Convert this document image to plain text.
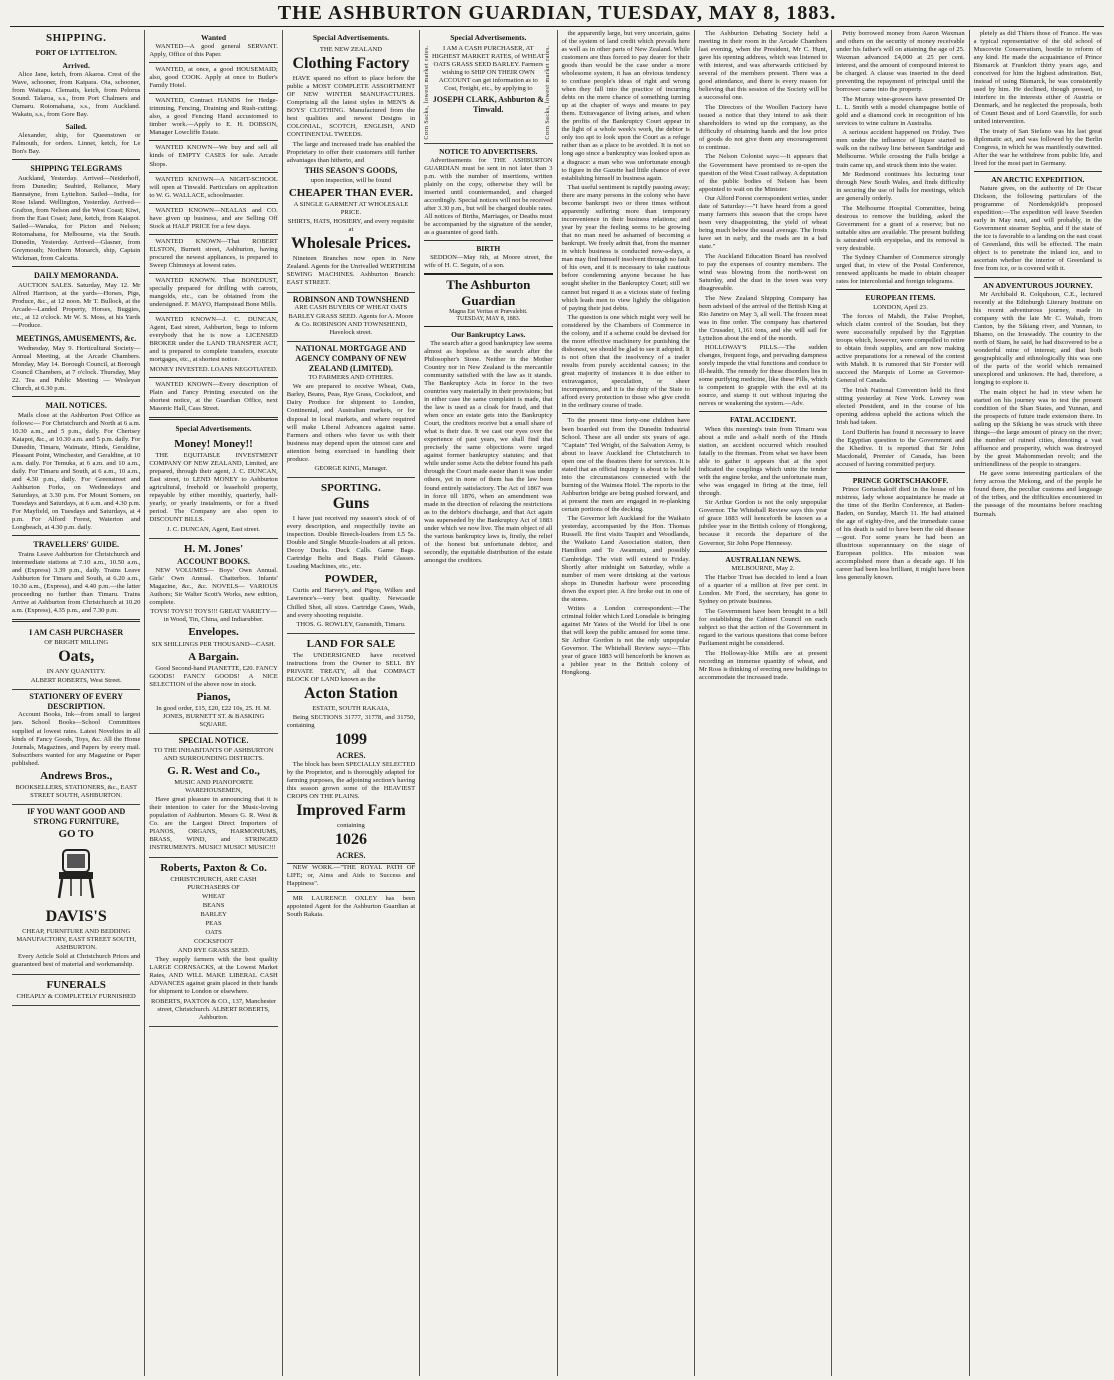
THE ASHBURTON GUARDIAN, TUESDAY, MAY 8, 1883.
SHIPPING.
PORT OF LYTTELTON.
Arrived.

Alice Jane, ketch, from Akaroa. Crest of the Wave, schooner, from Kaipara. Ota, schooner, from Waitapu. Clematis, ketch, from Pelorus Sound. Talaroa, s.s., from Port Chalmers and Oamaru. Rotomahana, s.s., from Auckland. Wakatu, s.s., from Gore Bay.

Sailed.

Alexander, ship, for Queenstown or Falmouth, for orders. Linnet, ketch, for Le Bon's Bay.

SHIPPING TELEGRAMS

Auckland, Yesterday. Arrived—Neiderhoff, from Dunedin; Seabird, Reliance, Mary Bannatyne, from Lyttelton. Sailed—India, for Rose Island. Wellington, Yesterday. Arrived—Grafton, from Nelson and the West Coast; Kiwi, from the East Coast; Jane, ketch, from Kaiapoi. Sailed—Wanaka, for Picton and Nelson; Rotomahana, for Melbourne, via the South. Dunedin, Yesterday. Arrived—Glasner, from Greymouth; Northern Monarch, ship, Captain Wickman, from Calcutta.

DAILY MEMORANDA.

AUCTION SALES. Saturday, May 12. Mr Alfred Harrison, at the yards—Horses, Pigs, Produce, &c., at 12 noon. Mr T. Bullock, at the Arcade—Landed Property, Horses, Buggies, etc., at 12 o'clock. Mr W. S. Moss, at his Yards—Produce.

MEETINGS, AMUSEMENTS, &c.

Wednesday, May 9. Horticultural Society—Annual Meeting, at the Arcade Chambers. Monday, May 14. Borough Council, at Borough Council Chambers, at 7 o'clock. Thursday, May 22. Tea and Public Meeting — Wesleyan Church, at 6.30 p.m.

MAIL NOTICES.

Mails close at the Ashburton Post Office as follows:— For Christchurch and North at 6 a.m. 10.30 a.m., and 5 p.m., daily. For Chertsey Kaiapoi, &c., at 10.30 a.m. and 5 p.m. daily. For Dunedin, Timaru, Waimate, Hinds, Geraldine, Pleasant Point, Winchester, and Geraldine, at 10 a.m. daily. For Temuka, at 6 a.m. and 10 a.m., daily. For Timaru and South, at 6 a.m., 10 a.m., and 4.30 p.m., daily. For Greenstreet and Ashburton Forks, on Wednesdays and Saturdays, at 3.30 p.m. For Mount Somers, on Tuesdays and Saturdays, at 6 a.m. and 4.30 p.m. For Mayfield, on Tuesdays and Saturdays, at 4 p.m. For Alford Forest, Waterton and Longbeach, at 4.30 p.m. daily.

TRAVELLERS' GUIDE.

Trains Leave Ashburton for Christchurch and intermediate stations at 7.10 a.m., 10.50 a.m., and (Express) 3.39 p.m., daily. Trains Leave Ashburton for Timaru and South, at 6.20 a.m., 10.30 a.m., (Express), and 4.40 p.m.—the latter proceeding no further than Timaru. Trains Arrive at Ashburton from Christchurch at 10.20 a.m. (Express), 4.35 p.m., and 7.30 p.m.

I AM CASH PURCHASER
OF BRIGHT MILLING
Oats,
IN ANY QUANTITY.
ALBERT ROBERTS, West Street.
STATIONERY OF EVERY DESCRIPTION.

Account Books, Ink—from small to largest jars. School Books—School Committees supplied at lowest rates. Latest Novelties in all kinds of Fancy Goods, Toys, &c. All the Home Journals, Magazines, and Papers by every mail. Subscribers wanted for any Magazine or Paper published.

Andrews Bros.,
BOOKSELLERS, STATIONERS, &c., EAST STREET SOUTH, ASHBURTON.
IF YOU WANT GOOD AND STRONG FURNITURE,
GO TO
DAVIS'S
CHEAP, FURNITURE AND BEDDING MANUFACTORY, EAST STREET SOUTH, ASHBURTON.

Every Article Sold at Christchurch Prices and guaranteed best of material and workmanship.

FUNERALS
CHEAPLY & COMPLETELY FURNISHED
Wanted

WANTED—A good general SERVANT. Apply, Office of this Paper.

WANTED, at once, a good HOUSEMAID; also, good COOK. Apply at once to Butler's Family Hotel.

WANTED, Contract HANDS for Hedge-trimming, Fencing, Draining and Rush-cutting; also, a good Fencing Hand accustomed to timber work.—Apply to E. H. DOBSON, Manager Lowcliffe Estate.

WANTED KNOWN—We buy and sell all kinds of EMPTY CASES for sale. Arcade Shops.

WANTED KNOWN—A NIGHT-SCHOOL will open at Tinwald. Particulars on application to W. G. WALLACE, schoolmaster.

WANTED KNOWN—NEALAS and CO. have given up business, and are Selling Off Stock at HALF PRICE for a few days.

WANTED KNOWN—That ROBERT ELSTON, Burnett street, Ashburton, having procured the newest appliances, is prepared to Sweep Chimneys at lowest rates.

WANTED KNOWN. That BONEDUST, specially prepared for drilling with carrots, mangolds, etc., can be obtained from the undersigned. F. MAYO, Hampstead Bone Mills.

WANTED KNOWN—J. C. DUNCAN, Agent, East street, Ashburton, begs to inform everybody that he is now a LICENSED BROKER under the LAND TRANSFER ACT, and is prepared to complete transfers, execute mortgages, etc., at shortest notice.

MONEY INVESTED. LOANS NEGOTIATED.

WANTED KNOWN—Every description of Plain and Fancy Printing executed on the shortest notice, at the Guardian Office, next Masonic Hall, Cass Street.

Special Advertisements.
Money! Money!!

THE EQUITABLE INVESTMENT COMPANY OF NEW ZEALAND, Limited, are prepared, through their agent, J. C. DUNCAN, East street, to LEND MONEY to Ashburton agricultural, freehold or leasehold property, repayable by either monthly, quarterly, half-yearly, or yearly instalments, or for a fixed period. The Company are also open to DISCOUNT BILLS.

J. C. DUNCAN, Agent, East street.
H. M. Jones'
ACCOUNT BOOKS.

NEW VOLUMES— Boys' Own Annual. Girls' Own Annual. Chatterbox. Infants' Magazine, &c., &c. NOVELS— VARIOUS Authors; Sir Walter Scott's Works, new edition, complete.

TOYS! TOYS!! TOYS!!! GREAT VARIETY—in Wood, Tin, China, and Indiarubber.
Envelopes.
SIX SHILLINGS PER THOUSAND—CASH.
A Bargain.

Good Second-hand PIANETTE, £20. FANCY GOODS! FANCY GOODS! A NICE SELECTION of the above now in stock.

Pianos,
In good order, £15, £20, £22 10s, 25. H. M. JONES, BURNETT ST. & BASKING SQUARE.
SPECIAL NOTICE.
TO THE INHABITANTS OF ASHBURTON AND SURROUNDING DISTRICTS.
G. R. West and Co.,
MUSIC AND PIANOFORTE WAREHOUSEMEN,

Have great pleasure in announcing that it is their intention to cater for the Music-loving population of Ashburton. Messrs G. R. West & Co. are the Largest Direct Importers of PIANOS, ORGANS, HARMONIUMS, BRASS, WIND, and STRINGED INSTRUMENTS. MUSIC! MUSIC! MUSIC!!!

Roberts, Paxton & Co.
CHRISTCHURCH, ARE CASH PURCHASERS OF
WHEAT
BEANS
BARLEY
PEAS
OATS
COCKSFOOT
AND RYE GRASS SEED.

They supply farmers with the best quality LARGE CORNSACKS, at the Lowest Market Rates, AND WILL MAKE LIBERAL CASH ADVANCES against grain placed in their hands for shipment to London or elsewhere.

ROBERTS, PAXTON & CO., 137, Manchester street, Christchurch. ALBERT ROBERTS, Ashburton.
Special Advertisements.
THE NEW ZEALAND
Clothing Factory

HAVE spared no effort to place before the public a MOST COMPLETE ASSORTMENT OF NEW WINTER MANUFACTURES. Comprising all the latest styles in MEN'S & BOYS' CLOTHING. Manufactured from the best qualities and newest Designs in COLONIAL, SCOTCH, ENGLISH, AND CONTINENTAL TWEEDS.

The large and increased trade has enabled the Proprietary to offer their customers still further advantages than hitherto, and

THIS SEASON'S GOODS,
upon inspection, will be found
CHEAPER THAN EVER.
A SINGLE GARMENT AT WHOLESALE PRICE.
SHIRTS, HATS, HOSIERY, and every requisite at
Wholesale Prices.

Nineteen Branches now open in New Zealand. Agents for the Unrivalled WERTHEIM SEWING MACHINES. Ashburton Branch: EAST STREET.

ROBINSON AND TOWNSHEND

ARE CASH BUYERS OF WHEAT OATS BARLEY GRASS SEED. Agents for A. Moore & Co. ROBINSON AND TOWNSHEND, Havelock street.

NATIONAL MORTGAGE AND AGENCY COMPANY OF NEW ZEALAND (LIMITED).
TO FARMERS AND OTHERS.

We are prepared to receive Wheat, Oats, Barley, Beans, Peas, Rye Grass, Cocksfoot, and Dairy Produce for shipment to London, Continental, and Australian markets, or for disposal in local markets, and where required will make Liberal Advances against same. Farmers and others who favor us with their business may depend upon the utmost care and attention being exercised in handling their produce.

GEORGE KING, Manager.
SPORTING.
Guns

I have just received my season's stock of of every description, and respectfully invite an inspection. Double Breech-loaders from L5 5s. Double and Single Muzzle-loaders at all prices. Decoy Ducks. Duck Calls. Game Bags. Cartridge Belts and Bags. Field Glasses. Loading Machines, etc., etc.

POWDER,

Curtis and Harvey's, and Pigou, Wilkes and Lawrence's—very best quality. Newcastle Chilled Shot, all sizes. Cartridge Cases, Wads, and every shooting requisite.

THOS. G. ROWLEY, Gunsmith, Timaru.
LAND FOR SALE

The UNDERSIGNED have received instructions from the Owner to SELL BY PRIVATE TREATY, all that COMPACT BLOCK OF LAND known as the

Acton Station
ESTATE, SOUTH RAKAIA,

Being SECTIONS 31777, 31778, and 31750, containing

1099
ACRES.

The block has been SPECIALLY SELECTED by the Proprietor, and is thoroughly adapted for farming purposes, the adjoining section's having this season grown some of the HEAVIEST CROPS ON THE PLAINS.

Improved Farm
containing
1026
ACRES.

NEW WORK.—"THE ROYAL PATH OF LIFE; or, Aims and Aids to Success and Happiness".

MR LAURENCE OXLEY has been appointed Agent for the Ashburton Guardian at South Rakaia.

Special Advertisements.
Corn Sacks, lowest market rates.	I AM A CASH PURCHASER, AT HIGHEST MARKET RATES, of WHEAT OATS GRASS SEED BARLEY. Farmers wishing to SHIP ON THEIR OWN ACCOUNT can get information as to Cost, Freight, etc., by applying to

JOSEPH CLARK, Ashburton & Tinwald.	Corn Sacks, lowest market rates.
NOTICE TO ADVERTISERS.

Advertisements for THE ASHBURTON GUARDIAN must be sent in not later than 3 p.m. with the number of insertions, written plainly on the copy, otherwise they will be inserted until countermanded, and charged accordingly. Special notices will not be received after 3.30 p.m., but will be charged double rates. All notices of Births, Marriages, or Deaths must be accompanied by the signature of the sender, as a guarantee of good faith.

BIRTH

SEDDON—May 6th, at Moore street, the wife of H. C. Seguin, of a son.

The Ashburton Guardian
Magna Est Veritas et Prævalebit.
TUESDAY, MAY 8, 1883.
Our Bankruptcy Laws.

The search after a good bankruptcy law seems almost as hopeless as the search after the Philosopher's Stone. Neither in the Mother Country nor in New Zealand is the mercantile community satisfied with the law as it stands. The Bankruptcy Acts in force in the two countries vary materially in their provisions; but in either case the same complaint is made, that the law is used as a cloak for fraud, and that when once an estate gets into the Bankruptcy Court, the creditors receive but a small share of what is their due. It we cast our eyes over the experience of past years, we shall find that precisely the same objections were urged against former bankruptcy statutes; and that while under some Acts the debtor found his path through the Court made easier than it was under others, yet in none of them has the law been found entirely satisfactory. The Act of 1867 was in force till 1876, when an amendment was made in the direction of relaxing the restrictions as to the debtor's discharge, and that Act again was superseded by the Bankruptcy Act of 1883 under which we now live. The main object of all the various bankruptcy laws is, firstly, the relief of the honest but unfortunate debtor, and secondly, the equitable distribution of the estate amongst the creditors.

the apparently large, but very uncertain, gains of the system of land credit which prevails here as well as in other parts of New Zealand. While customers are thus forced to pay dearer for their goods than would be the case under a more wholesome system, it has an obvious tendency to confuse people's ideas of right and wrong when they fall into the practice of incurring debts on the mere chance of something turning up at the chapter of ways and means to pay them. Extravagance of living arises, and when the profits of the Bankruptcy Court appear in the light of a whole week's work, the debtor is only too apt to look upon the Court as a refuge rather than as a place to be avoided. It is not so long ago since a bankruptcy was looked upon as a disgrace: a man who was unfortunate enough to figure in the Gazette had little chance of ever establishing himself in business again.

That useful sentiment is rapidly passing away; there are many persons in the colony who have become bankrupt two or three times without apparently suffering more than temporary inconvenience in their business relations; and year by year the feeling seems to be growing that no man need be ashamed of becoming a bankrupt. We freely admit that, from the manner in which business is conducted now-a-days, a man may find himself insolvent through no fault of his own, and it is necessary to take cautious before condemning anyone because he has sought shelter in the Bankruptcy Court; still we cannot but regard it as a vicious state of feeling which leads men to view lightly the obligation of paying their just debts.

The question is one which might very well be considered by the Chambers of Commerce in the colony, and if a scheme could be devised for the more effective machinery for punishing the dishonest, we should be glad to see it adopted. It is not often that the insolvency of a trader results from purely accidental causes; in the great majority of instances it is due either to extravagance, speculation, or sheer incompetence, and it is the duty of the State to afford every protection to those who give credit in the ordinary course of trade.

To the present time forty-one children have been boarded out from the Dunedin Industrial School. These are all under six years of age. "Captain" Ted Wright, of the Salvation Army, is about to leave Auckland for Christchurch to open one of the theatres there for services. It is stated that an official inquiry is about to be held into the circumstances connected with the burning of the Waimea Hotel. The reports to the Ashburton bridge are being pushed forward, and at present the men are engaged in re-planking certain portions of the decking.

The Governor left Auckland for the Waikato yesterday, accompanied by the Hon. Thomas Russell. He first visits Taupiri and Woodlands, the Waikato Land Association station, then Hamilton and Te Awamutu, and possibly Cambridge. The visit will extend to Friday. Shortly after midnight on Saturday, while a number of men were drinking at the various shops in Dunedin harbour were proceeding down the export pier. A fire broke out in one of the stores.

Writes a London correspondent:—The criminal folder which Lord Lonsdale is bringing against Mr Yates of the World for libel is one that will keep the public amused for some time. Sir Arthur Gordon is not the only unpopular Governor. The Whitehall Review says:—This year of grace 1883 will henceforth be known as a jubilee year in the British colony of Hongkong.

The Ashburton Debating Society held a meeting in their room in the Arcade Chambers last evening, when the President, Mr C. Hunt, gave his opening address, which was listened to with interest, and was afterwards criticised by several of the members present. There was a good attendance, and there is every reason for believing that this session of the Society will be a successful one.

The Directors of the Woollen Factory have issued a notice that they intend to ask their shareholders to wind up the company, as the difficulty of obtaining hands and the low price of goods do not give them any encouragement to continue.

The Nelson Colonist says:—It appears that the Government have promised to re-open the question of the West Coast railway. A deputation of the public bodies of Nelson has been appointed to wait on the Minister.

Our Alford Forest correspondent writes, under date of Saturday:—"I have heard from a good many farmers this season that the crops have been very disappointing, the yield of wheat being much below the usual average. The frosts have set in early, and the roads are in a bad state."

The Auckland Education Board has resolved to pay the expenses of country members. The wind was blowing from the north-west on Saturday, and the dust in the town was very disagreeable.

The New Zealand Shipping Company has been advised of the arrival of the British King at Rio Janeiro on May 3, all well. The frozen meat was in fine order. The company has chartered the Crusader, 1,161 tons, and she will sail for Lyttelton about the end of the month.

HOLLOWAY'S PILLS.—The sudden changes, frequent fogs, and pervading dampness sorely impede the vital functions and conduce to ill-health. The remedy for these disorders lies in some purifying medicine, like these Pills, which is competent to grapple with the evil at its source, and stamp it out without injuring the nerves or weakening the system.—Adv.

FATAL ACCIDENT.

When this morning's train from Timaru was about a mile and a-half north of the Hinds station, an accident occurred which resulted fatally to the fireman. From what we have been able to gather it appears that at the spot indicated the couplings which unite the tender with the engine broke, and the unfortunate man, who was engaged in firing at the time, fell through.

Sir Arthur Gordon is not the only unpopular Governor. The Whitehall Review says this year of grace 1883 will henceforth be known as a jubilee year in the British colony of Hongkong, because it records the departure of the Governor, Sir John Pope Hennessy.

AUSTRALIAN NEWS.

MELBOURNE, May 2.

The Harbor Trust has decided to lend a loan of a quarter of a million at five per cent. in London. Mr Ford, the secretary, has gone to Sydney on private business.

The Government have been brought in a bill for establishing the Cabinet Council on each subject so that the action of the Government in regard to the various questions that come before Parliament might be considered.

The Holloway-like Mills are at present recording an immense quantity of wheat, and Mr Ross is thinking of erecting new buildings to accommodate the increased trade.

Petty borrowed money from Aaron Waxman and others on the security of money receivable under his father's will on attaining the age of 25. Waxman advanced £4,000 at 25 per cent. interest, and the amount of compound interest to be charged. A clause was inserted in the deed preventing the repayment of principal until the borrower came into the property.

The Murray wine-growers have presented Dr L. L. Smith with a model champagne bottle of gold and a diamond cork in recognition of his services to wine culture in Australia.

A serious accident happened on Friday. Two men under the influence of liquor started to walk on the railway line between Sandridge and Melbourne. While crossing the Falls bridge a train came up, and struck them into the water.

Mr Redmond continues his lecturing tour through New South Wales, and finds difficulty in securing the use of halls for meetings, which are generally orderly.

The Melbourne Hospital Committee, being desirous to remove the building, asked the Government for a grant of a reserve; but no suitable sites are available. The present building is saturated with erysipelas, and its removal is very desirable.

The Sydney Chamber of Commerce strongly urged that, in view of the Postal Conference, renewed applicants be made to obtain cheaper rates for intercolonial and foreign telegrams.

EUROPEAN ITEMS.

LONDON, April 23.

The forces of Mahdi, the False Prophet, which claim control of the Soudan, but they were successfully repulsed by the Egyptian troops which, however, were compelled to retire to obtain fresh supplies, and are now making active preparations for a renewal of the contest with Mahdi. It is rumored that Sir Forster will succeed the Marquis of Lorne as Governor-General of Canada.

The Irish National Convention held its first sitting yesterday at New York. Lowrey was elected President, and in the course of his opening address upheld the actions which the Irish had taken.

Lord Dufferin has found it necessary to leave the Egyptian question to the Government and the Khedive. It is reported that Sir John Macdonald, Premier of Canada, has been accused of having committed perjury.

PRINCE GORTSCHAKOFF.

Prince Gortschakoff died in the house of his mistress, lady whose acquaintance he made at the time of the Berlin Conference, at Baden-Baden, on Sunday, March 11. He had attained the age of eighty-five, and the immediate cause of his death is said to have been the old disease—gout. For some years he had been an illustrious superannuary on the stage of European politics. His mission was accomplished more than a decade ago. If his career had been less brilliant, it might have been less generally known.

pletely as did Thiers those of France. He was a typical representative of the old school of Muscovite Conservatism, hostile to reform of any kind. He made the acquaintance of Prince Bismarck at Frankfort thirty years ago, and conceived for him the highest admiration. But, instead of using Bismarck, he was consistently used by him. He declined, though pressed, to interfere in the interests either of Austria or Denmark, and he neglected the proposals, both of Count Beust and of Lord Granville, for such united intervention.

The treaty of San Stefano was his last great diplomatic act, and was followed by the Berlin Congress, in which he was manifestly outwitted. After the war he withdrew from public life, and lived for the most part in Germany.

AN ARCTIC EXPEDITION.

Nature gives, on the authority of Dr Oscar Dickson, the following particulars of the programme of Nordenskjöld's proposed expedition:—The expedition will leave Sweden early in May next, and will probably, in the Government steamer Sophia, and if the state of the ice is favorable to a landing on the east coast of Greenland, this will be effected. The main object is to penetrate the inland ice, and to ascertain whether the interior of Greenland is free from ice, or is covered with it.

AN ADVENTUROUS JOURNEY.

Mr Archibald R. Colquhoun, C.E., lectured recently at the Edinburgh Literary Institute on his recent adventurous journey, made in company with the late Mr C. Wahab, from Canton, by the Sikiang river, and Yunnan, to Bhamo, on the Irrawaddy. The country to the north of Siam, he said, he had discovered to be a wonderful mine of interest; and that both geographically and ethnologically this was one of the parts of the world which remained unexplored and unknown. He had, therefore, a longing to explore it.

The main object he had in view when he started on his journey was to test the present condition of the Shan States, and Yunnan, and the prospects of future trade extension there. In sailing up the Sikiang he was struck with three things—the large amount of piracy on the river; the number of ruined cities, denoting a vast affluence and prosperity, which was destroyed by the great Mahommedan revolt; and the unfriendliness of the people to strangers.

He gave some interesting particulars of the ferry across the Mekong, and of the people he found there, the peculiar customs and language of the tribes, and the difficulties encountered in the passage of the mountains before reaching Burmah.
